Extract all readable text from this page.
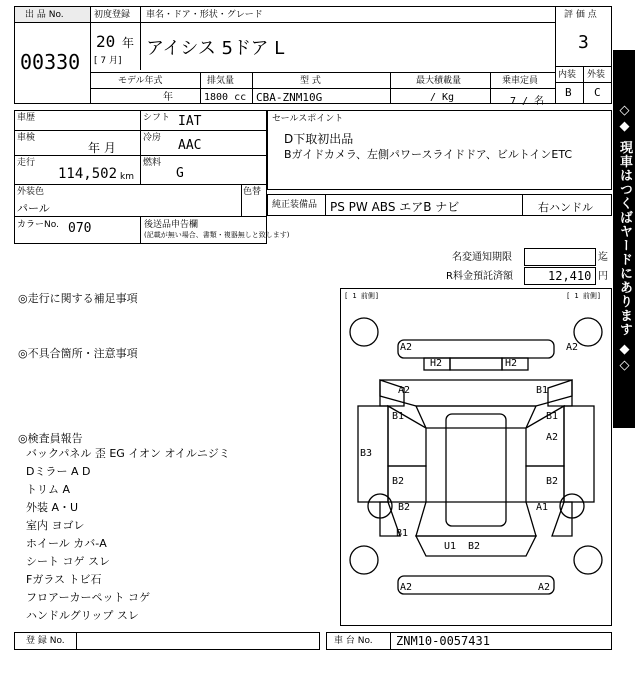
出 品 No.
00330
初度登録
20 年
[ 7 月]
車名・ドア・形状・グレード
アイシス 5ドア L
評 価 点
3
内装 外装
B C
モデル年式
年
排気量
1800 cc
型 式
CBA-ZNM10G
最大積載量
/ Kg
乗車定員
7 / 名
◇◆ 現車はつくばヤードにあります ◆◇
車歴	シフト IAT
車検
年 月
冷房 AAC
走行
114,502 km
燃料
G
外装色
パール
色替
カラーNo. 070	後送品申告欄
(記載が無い場合、書類・複器無しと致します)
セールスポイント
D下取初出品
Bガイドカメラ、左側パワースライドドア、ビルトインETC
純正装備品 PS PW ABS エアB ナビ	右ハンドル
名変通知期限	迄
R料金預託済額	12,410 円
◎走行に関する補足事項
◎不具合箇所・注意事項
◎検査員報告
バックパネル 歪 EG イオン オイルニジミ
Dミラー A D
トリム A
外装 A・U
室内 ヨゴレ
ホイール カバ-A
シート コゲ スレ
Fガラス トビ石
フロアーカーペット コゲ
ハンドルグリップ スレ
[ 1 前側]	[ 1 前側]
A2	A2
H2	H2
A2	B1
B1	B1
A2
B3
B2	B2
B2	A1
B1
U1 B2
A2	A2
登 録 No.	車 台 No. ZNM10-0057431
